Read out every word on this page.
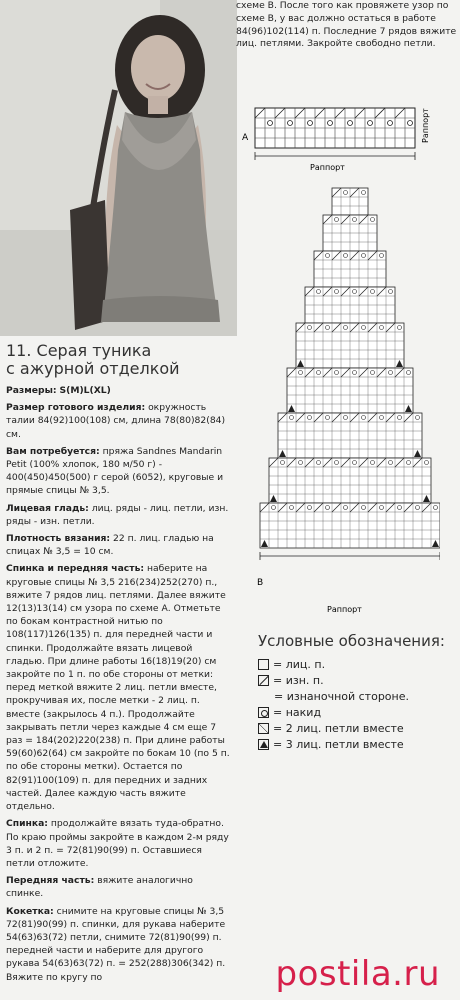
схеме В. После того как провяжете узор по схеме В, у вас должно остаться в работе 84(96)102(114) п. Последние 7 рядов вяжите лиц. петлями. Закройте свободно петли.
A
Раппорт
Раппорт
B
Раппорт
11. Серая туника
с ажурной отделкой

Размеры: S(M)L(XL)

Размер готового изделия: окружность талии 84(92)100(108) см, длина 78(80)82(84) см.

Вам потребуется: пряжа Sandnes Mandarin Petit (100% хлопок, 180 м/50 г) - 400(450)450(500) г серой (6052), круговые и прямые спицы № 3,5.

Лицевая гладь: лиц. ряды - лиц. петли, изн. ряды - изн. петли.

Плотность вязания: 22 п. лиц. гладью на спицах № 3,5 = 10 см.

Спинка и передняя часть: наберите на круговые спицы № 3,5 216(234)252(270) п., вяжите 7 рядов лиц. петлями. Далее вяжите 12(13)13(14) см узора по схеме А. Отметьте по бокам контрастной нитью по 108(117)126(135) п. для передней части и спинки. Продолжайте вязать лицевой гладью. При длине работы 16(18)19(20) см закройте по 1 п. по обе стороны от метки: перед меткой вяжите 2 лиц. петли вместе, прокручивая их, после метки - 2 лиц. п. вместе (закрылось 4 п.). Продолжайте закрывать петли через каждые 4 см еще 7 раз = 184(202)220(238) п. При длине работы 59(60)62(64) см закройте по бокам 10 (по 5 п. по обе стороны метки). Остается по 82(91)100(109) п. для передних и задних частей. Далее каждую часть вяжите отдельно.

Спинка: продолжайте вязать туда-обратно. По краю проймы закройте в каждом 2-м ряду 3 п. и 2 п. = 72(81)90(99) п. Оставшиеся петли отложите.

Передняя часть: вяжите аналогично спинке.

Кокетка: снимите на круговые спицы № 3,5 72(81)90(99) п. спинки, для рукава наберите 54(63)63(72) петли, снимите 72(81)90(99) п. передней части и наберите для другого рукава 54(63)63(72) п. = 252(288)306(342) п. Вяжите по кругу по

Условные обозначения:
= лиц. п.
= изн. п.
= изнаночной стороне.
= накид
= 2 лиц. петли вместе
= 3 лиц. петли вместе
postila.ru
